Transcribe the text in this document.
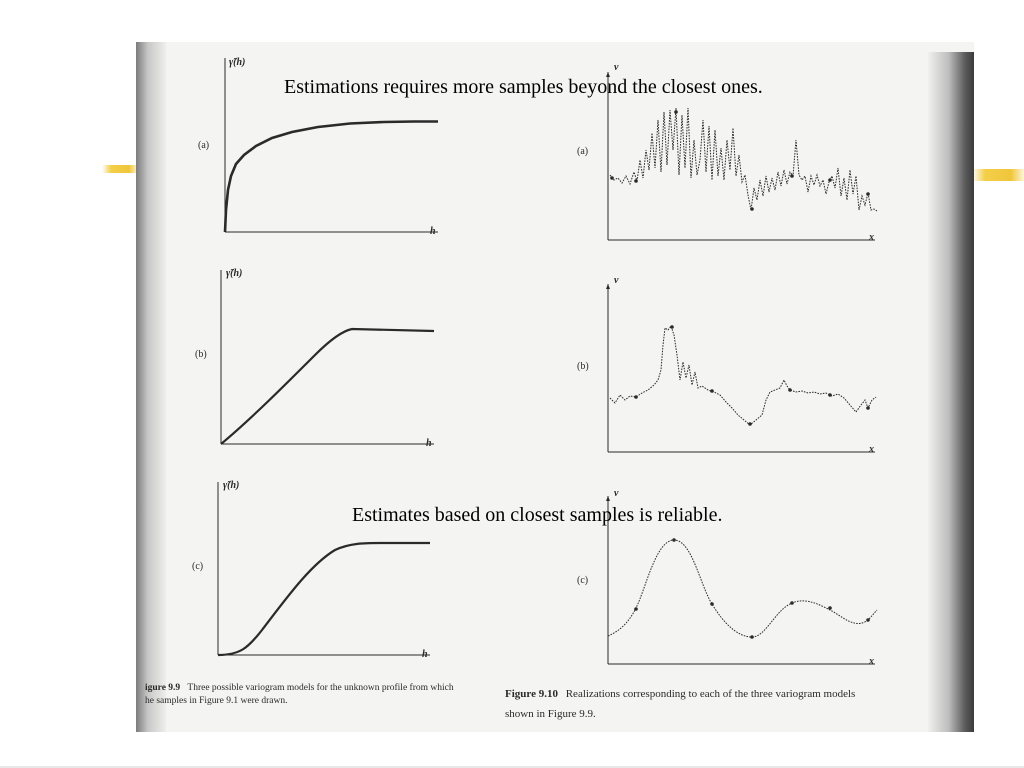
γ̃(h)
h
(a)
γ̃(h)
h
(b)
γ̃(h)
h
(c)
v
x
(a)
v
x
(b)
v
x
(c)
igure 9.9 Three possible variogram models for the unknown profile from which
he samples in Figure 9.1 were drawn.
Figure 9.10 Realizations corresponding to each of the three variogram models
shown in Figure 9.9.
Estimations requires more samples beyond the closest ones.
Estimates based on closest samples is reliable.
